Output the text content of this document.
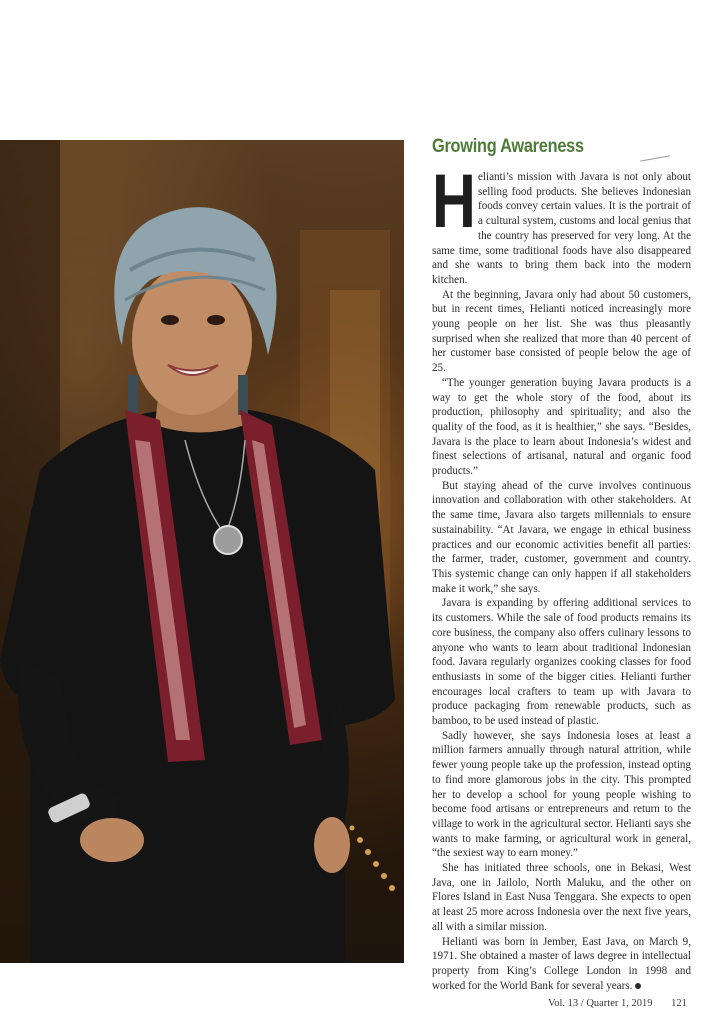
Growing Awareness

Helianti’s mission with Javara is not only about selling food products. She believes Indonesian foods convey certain values. It is the portrait of a cultural system, customs and local genius that the country has preserved for very long. At the same time, some traditional foods have also disappeared and she wants to bring them back into the modern kitchen.

At the beginning, Javara only had about 50 customers, but in recent times, Helianti noticed increasingly more young people on her list. She was thus pleasantly surprised when she realized that more than 40 percent of her customer base consisted of people below the age of 25.

“The younger generation buying Javara products is a way to get the whole story of the food, about its production, philosophy and spirituality; and also the quality of the food, as it is healthier,” she says. “Besides, Javara is the place to learn about Indonesia’s widest and finest selections of artisanal, natural and organic food products.”

But staying ahead of the curve involves continuous innovation and collaboration with other stakeholders. At the same time, Javara also targets millennials to ensure sustainability. “At Javara, we engage in ethical business practices and our economic activities benefit all parties: the farmer, trader, customer, government and country. This systemic change can only happen if all stakeholders make it work,” she says.

Javara is expanding by offering additional services to its customers. While the sale of food products remains its core business, the company also offers culinary lessons to anyone who wants to learn about traditional Indonesian food. Javara regularly organizes cooking classes for food enthusiasts in some of the bigger cities. Helianti further encourages local crafters to team up with Javara to produce packaging from renewable products, such as bamboo, to be used instead of plastic.

Sadly however, she says Indonesia loses at least a million farmers annually through natural attrition, while fewer young people take up the profession, instead opting to find more glamorous jobs in the city. This prompted her to develop a school for young people wishing to become food artisans or entrepreneurs and return to the village to work in the agricultural sector. Helianti says she wants to make farming, or agricultural work in general, “the sexiest way to earn money.”

She has initiated three schools, one in Bekasi, West Java, one in Jailolo, North Maluku, and the other on Flores Island in East Nusa Tenggara. She expects to open at least 25 more across Indonesia over the next five years, all with a similar mission.

Helianti was born in Jember, East Java, on March 9, 1971. She obtained a master of laws degree in intellectual property from King’s College London in 1998 and worked for the World Bank for several years.

Vol. 13 / Quarter 1, 2019 121
